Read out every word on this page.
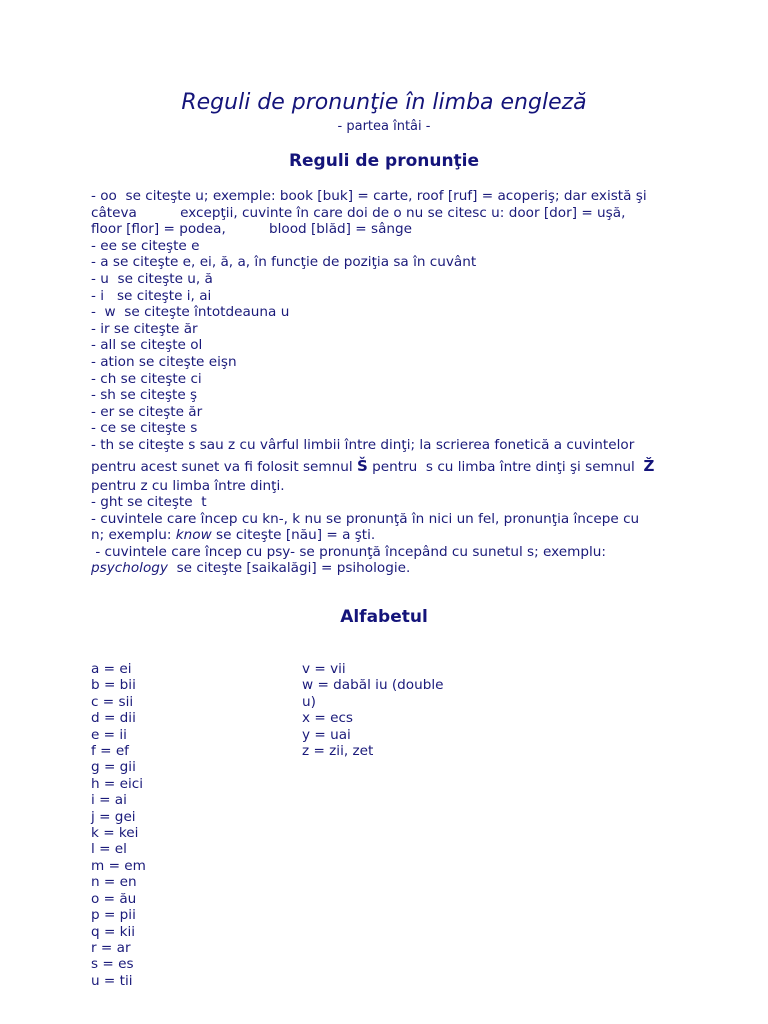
Reguli de pronunţie în limba engleză
- partea întâi -
Reguli de pronunţie
- oo  se citeşte u; exemple: book [buk] = carte, roof [ruf] = acoperiş; dar există şi
câteva          excepţii, cuvinte în care doi de o nu se citesc u: door [dor] = uşă,
floor [flor] = podea,          blood [blăd] = sânge
- ee se citeşte e
- a se citeşte e, ei, ă, a, în funcţie de poziţia sa în cuvânt
- u  se citeşte u, ă
- i   se citeşte i, ai
-  w  se citeşte întotdeauna u
- ir se citeşte ăr
- all se citeşte ol
- ation se citeşte eişn
- ch se citeşte ci
- sh se citeşte ş
- er se citeşte ăr
- ce se citeşte s
- th se citeşte s sau z cu vârful limbii între dinţi; la scrierea fonetică a cuvintelor
pentru acest sunet va fi folosit semnul Š pentru  s cu limba între dinţi şi semnul  Ž
pentru z cu limba între dinţi.
- ght se citeşte  t
- cuvintele care încep cu kn-, k nu se pronunţă în nici un fel, pronunţia începe cu
n; exemplu: know se citeşte [nău] = a şti.
- cuvintele care încep cu psy- se pronunţă începând cu sunetul s; exemplu:
psychology  se citeşte [saikalăgi] = psihologie.
Alfabetul
a = ei
b = bii
c = sii
d = dii
e = ii
f = ef
g = gii
h = eici
i = ai
j = gei
k = kei
l = el
m = em
n = en
o = ău
p = pii
q = kii
r = ar
s = es
u = tii
v = vii
w = dabăl iu (double
u)
x = ecs
y = uai
z = zii, zet
